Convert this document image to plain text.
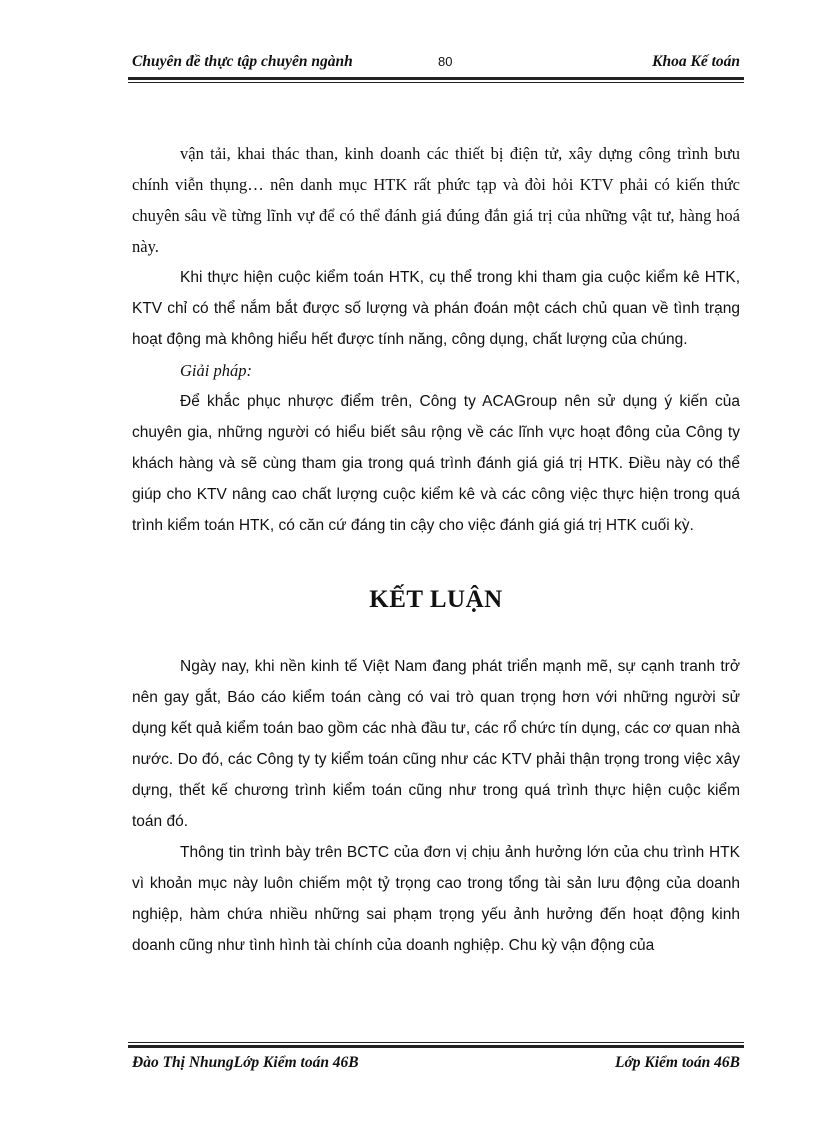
Chuyên đề thực tập chuyên ngành	80	Khoa Kế toán

vận tải, khai thác than, kinh doanh các thiết bị điện tử, xây dựng công trình bưu chính viễn thụng… nên danh mục HTK rất phức tạp và đòi hỏi KTV phải có kiến thức chuyên sâu về từng lĩnh vự để có thể đánh giá đúng đắn giá trị của những vật tư, hàng hoá này.

Khi thực hiện cuộc kiểm toán HTK, cụ thể trong khi tham gia cuộc kiểm kê HTK, KTV chỉ có thể nắm bắt được số lượng và phán đoán một cách chủ quan về tình trạng hoạt động mà không hiểu hết được tính năng, công dụng, chất lượng của chúng.

Giải pháp:

Để khắc phục nhược điểm trên, Công ty ACAGroup nên sử dụng ý kiến của chuyên gia, những người có hiểu biết sâu rộng về các lĩnh vực hoạt đông của Công ty khách hàng và sẽ cùng tham gia trong quá trình đánh giá giá trị HTK. Điều này có thể giúp cho KTV nâng cao chất lượng cuộc kiểm kê và các công việc thực hiện trong quá trình kiểm toán HTK, có căn cứ đáng tin cậy cho việc đánh giá giá trị HTK cuối kỳ.

KẾT LUẬN

Ngày nay, khi nền kinh tế Việt Nam đang phát triển mạnh mẽ, sự cạnh tranh trở nên gay gắt, Báo cáo kiểm toán càng có vai trò quan trọng hơn với những người sử dụng kết quả kiểm toán bao gồm các nhà đầu tư, các rổ chức tín dụng, các cơ quan nhà nước. Do đó, các Công ty ty kiểm toán cũng như các KTV phải thận trọng trong việc xây dựng, thết kế chương trình kiểm toán cũng như trong quá trình thực hiện cuộc kiểm toán đó.

Thông tin trình bày trên BCTC của đơn vị chịu ảnh hưởng lớn của chu trình HTK vì khoản mục này luôn chiếm một tỷ trọng cao trong tổng tài sản lưu động của doanh nghiệp, hàm chứa nhiều những sai phạm trọng yếu ảnh hưởng đến hoạt động kinh doanh cũng như tình hình tài chính của doanh nghiệp. Chu kỳ vận động của

Đào Thị NhungLớp Kiểm toán 46B	Lớp Kiểm toán 46B
